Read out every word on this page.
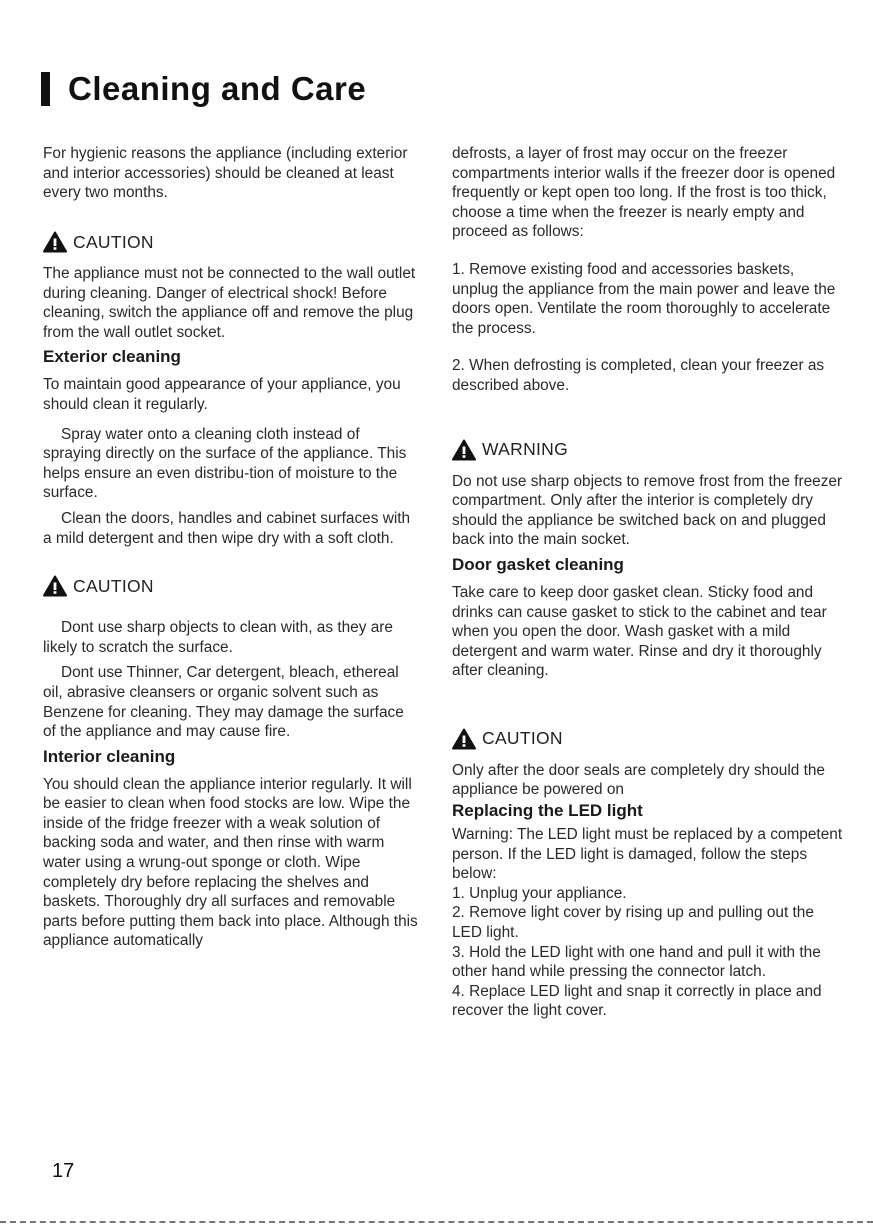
Cleaning and Care

For hygienic reasons the appliance (including exterior and interior accessories) should be cleaned at least every two months.

CAUTION

The appliance must not be connected to the wall outlet during cleaning. Danger of electrical shock! Before cleaning, switch the appliance off and remove the plug from the wall outlet socket.

Exterior cleaning

To maintain good appearance of your appliance, you should clean it regularly.

Spray water onto a cleaning cloth instead of spraying directly on the surface of the appliance. This helps ensure an even distribu-tion of moisture to the surface.

Clean the doors, handles and cabinet surfaces with a mild detergent and then wipe dry with a soft cloth.

CAUTION

Dont use sharp objects to clean with, as they are likely to scratch the surface.

Dont use Thinner, Car detergent, bleach, ethereal oil, abrasive cleansers or organic solvent such as Benzene for cleaning. They may damage the surface of the appliance and may cause fire.

Interior cleaning

You should clean the appliance interior regularly. It will be easier to clean when food stocks are low. Wipe the inside of the fridge freezer with a weak solution of backing soda and water, and then rinse with warm water using a wrung-out sponge or cloth. Wipe completely dry before replacing the shelves and baskets. Thoroughly dry all surfaces and removable parts before putting them back into place. Although this appliance automatically

defrosts, a layer of frost may occur on the freezer compartments interior walls if the freezer door is opened frequently or kept open too long. If the frost is too thick, choose a time when the freezer is nearly empty and proceed as follows:

1. Remove existing food and accessories baskets, unplug the appliance from the main power and leave the doors open. Ventilate the room thoroughly to accelerate the process.

2. When defrosting is completed, clean your freezer as described above.

WARNING

Do not use sharp objects to remove frost from the freezer compartment. Only after the interior is completely dry should the appliance be switched back on and plugged back into the main socket.

Door gasket cleaning

Take care to keep door gasket clean. Sticky food and drinks can cause gasket to stick to the cabinet and tear when you open the door. Wash gasket with a mild detergent and warm water. Rinse and dry it thoroughly after cleaning.

CAUTION

Only after the door seals are completely dry should the appliance be powered on

Replacing the LED light

Warning: The LED light must be replaced by a competent person. If the LED light is damaged, follow the steps below:

1. Unplug your appliance.
2. Remove light cover by rising up and pulling out the LED light.
3. Hold the LED light with one hand and pull it with the other hand while pressing the connector latch.
4. Replace LED light and snap it correctly in place and recover the light cover.
17
